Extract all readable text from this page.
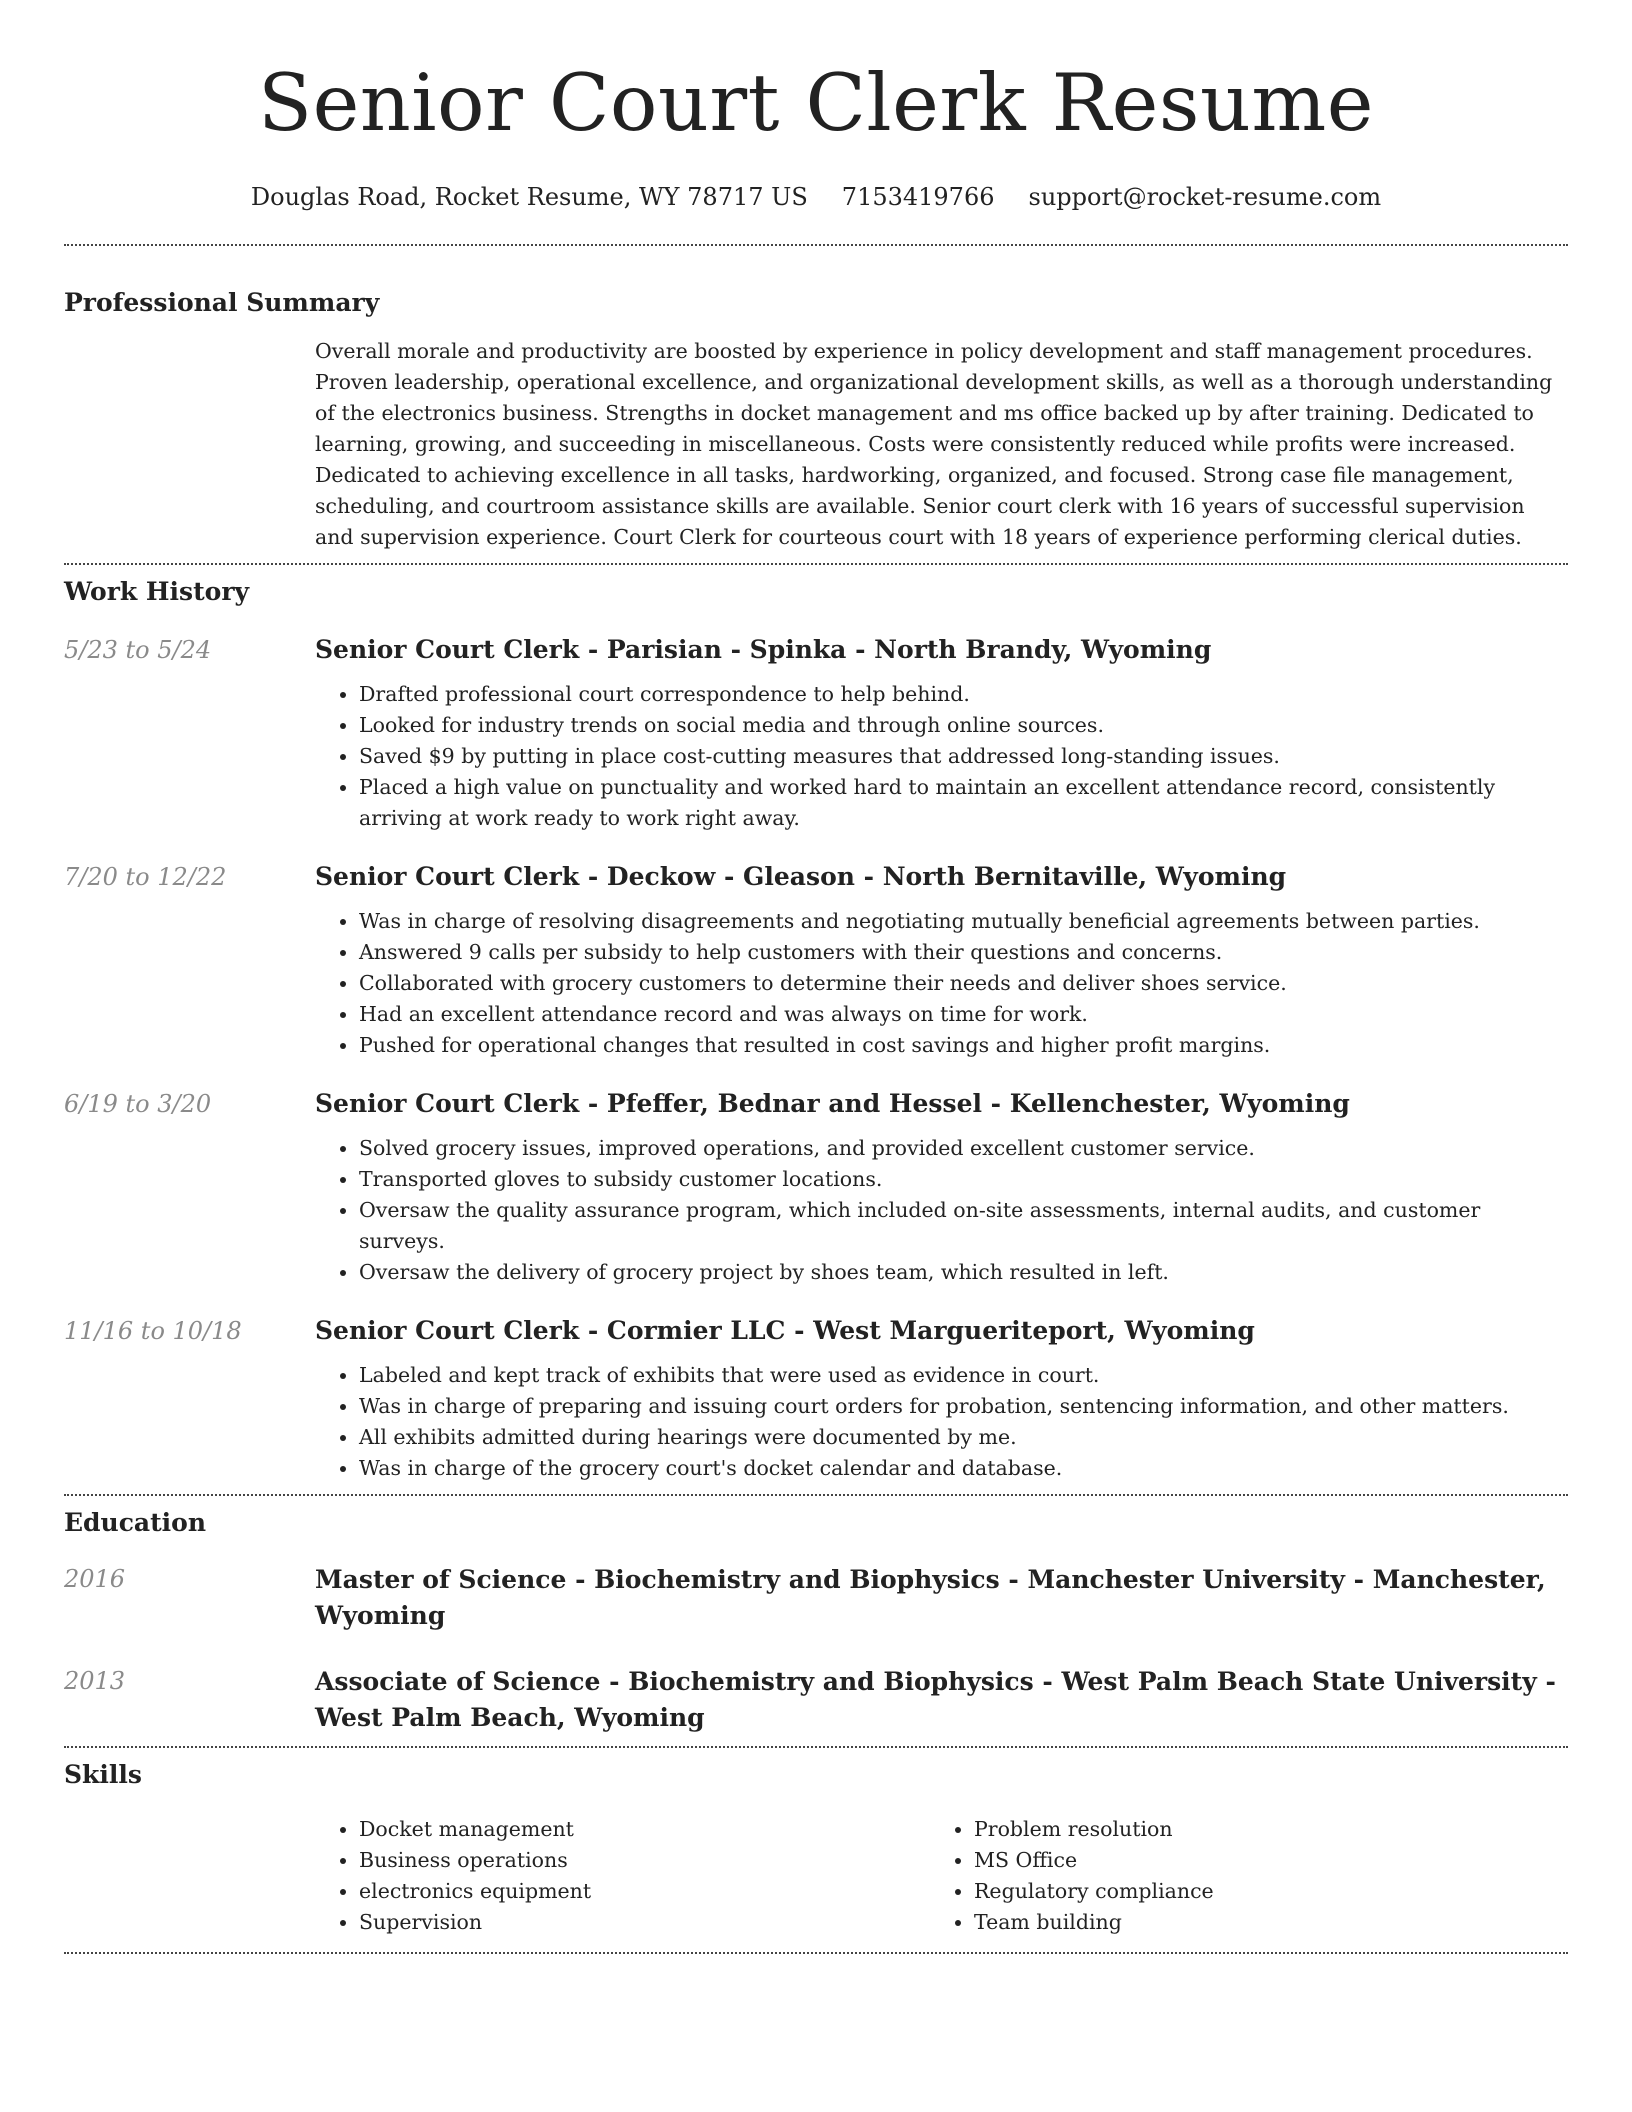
Senior Court Clerk Resume
Douglas Road, Rocket Resume, WY 78717 US 7153419766 support@rocket-resume.com
Professional Summary

Overall morale and productivity are boosted by experience in policy development and staff management procedures. Proven leadership, operational excellence, and organizational development skills, as well as a thorough understanding of the electronics business. Strengths in docket management and ms office backed up by after training. Dedicated to learning, growing, and succeeding in miscellaneous. Costs were consistently reduced while profits were increased. Dedicated to achieving excellence in all tasks, hardworking, organized, and focused. Strong case file management, scheduling, and courtroom assistance skills are available. Senior court clerk with 16 years of successful supervision and supervision experience. Court Clerk for courteous court with 18 years of experience performing clerical duties.

Work History
5/23 to 5/24	Senior Court Clerk - Parisian - Spinka - North Brandy, Wyoming
• Drafted professional court correspondence to help behind.
• Looked for industry trends on social media and through online sources.
• Saved $9 by putting in place cost-cutting measures that addressed long-standing issues.
• Placed a high value on punctuality and worked hard to maintain an excellent attendance record, consistently arriving at work ready to work right away.
7/20 to 12/22	Senior Court Clerk - Deckow - Gleason - North Bernitaville, Wyoming
• Was in charge of resolving disagreements and negotiating mutually beneficial agreements between parties.
• Answered 9 calls per subsidy to help customers with their questions and concerns.
• Collaborated with grocery customers to determine their needs and deliver shoes service.
• Had an excellent attendance record and was always on time for work.
• Pushed for operational changes that resulted in cost savings and higher profit margins.
6/19 to 3/20	Senior Court Clerk - Pfeffer, Bednar and Hessel - Kellenchester, Wyoming
• Solved grocery issues, improved operations, and provided excellent customer service.
• Transported gloves to subsidy customer locations.
• Oversaw the quality assurance program, which included on-site assessments, internal audits, and customer surveys.
• Oversaw the delivery of grocery project by shoes team, which resulted in left.
11/16 to 10/18	Senior Court Clerk - Cormier LLC - West Margueriteport, Wyoming
• Labeled and kept track of exhibits that were used as evidence in court.
• Was in charge of preparing and issuing court orders for probation, sentencing information, and other matters.
• All exhibits admitted during hearings were documented by me.
• Was in charge of the grocery court's docket calendar and database.
Education
2016	Master of Science - Biochemistry and Biophysics - Manchester University - Manchester, Wyoming
2013	Associate of Science - Biochemistry and Biophysics - West Palm Beach State University - West Palm Beach, Wyoming
Skills
• Docket management
• Business operations
• electronics equipment
• Supervision
• Problem resolution
• MS Office
• Regulatory compliance
• Team building
